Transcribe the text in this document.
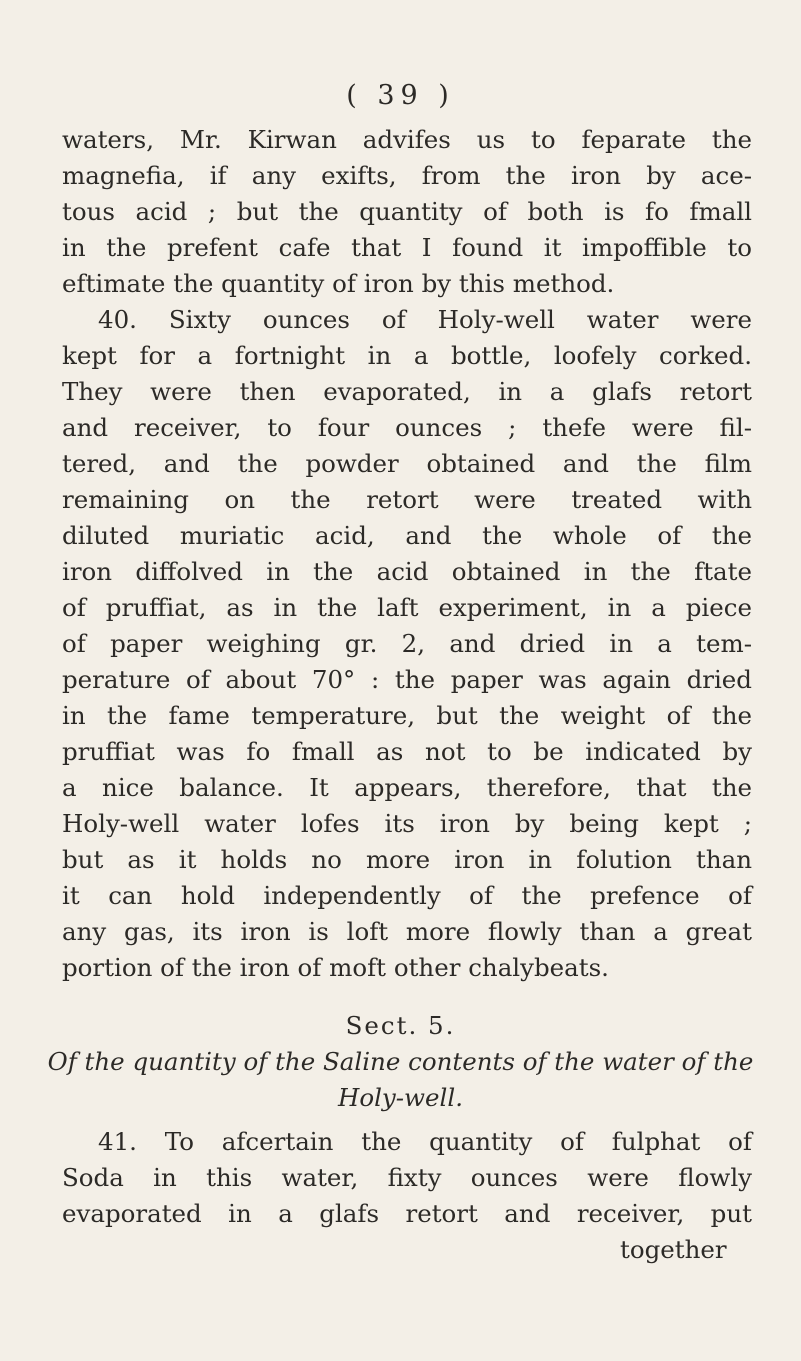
( 39 )
waters, Mr. Kirwan advifes us to feparate the
magnefia, if any exifts, from the iron by ace-
tous acid ; but the quantity of both is fo fmall
in the prefent cafe that I found it impoffible to
eftimate the quantity of iron by this method.
40. Sixty ounces of Holy-well water were
kept for a fortnight in a bottle, loofely corked.
They were then evaporated, in a glafs retort
and receiver, to four ounces ; thefe were fil-
tered, and the powder obtained and the film
remaining on the retort were treated with
diluted muriatic acid, and the whole of the
iron diffolved in the acid obtained in the ftate
of pruffiat, as in the laft experiment, in a piece
of paper weighing gr. 2, and dried in a tem-
perature of about 70° : the paper was again dried
in the fame temperature, but the weight of the
pruffiat was fo fmall as not to be indicated by
a nice balance. It appears, therefore, that the
Holy-well water lofes its iron by being kept ;
but as it holds no more iron in folution than
it can hold independently of the prefence of
any gas, its iron is loft more flowly than a great
portion of the iron of moft other chalybeats.
Sect. 5.
Of the quantity of the Saline contents of the water of the
Holy-well.
41. To afcertain the quantity of fulphat of
Soda in this water, fixty ounces were flowly
evaporated in a glafs retort and receiver, put
together
